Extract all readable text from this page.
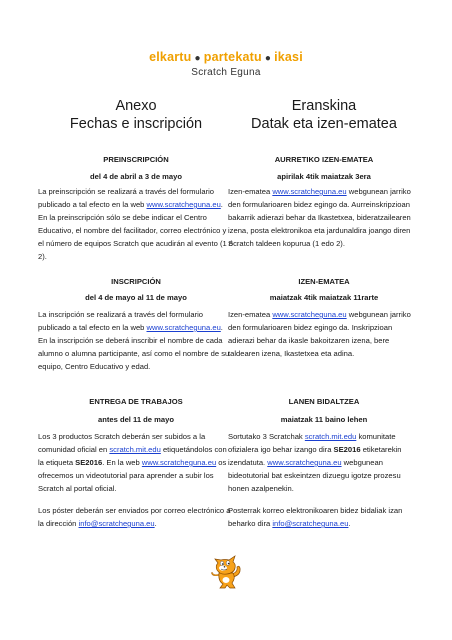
elkartu ● partekatu ● ikasi
Scratch Eguna
Anexo
Fechas e inscripción
PREINSCRIPCIÓN
del 4 de abril a 3 de mayo
La preinscripción se realizará a través del formulario publicado a tal efecto en la web www.scratcheguna.eu. En la preinscripción sólo se debe indicar el Centro Educativo, el nombre del facilitador, correo electrónico y el número de equipos Scratch que acudirán al evento (1 ó 2).
INSCRIPCIÓN
del 4 de mayo al 11 de mayo
La inscripción se realizará a través del formulario publicado a tal efecto en la web www.scratcheguna.eu. En la inscripción se deberá inscribir el nombre de cada alumno o alumna participante, así como el nombre de su equipo, Centro Educativo y edad.
ENTREGA DE TRABAJOS
antes del 11 de mayo
Los 3 productos Scratch deberán ser subidos a la comunidad oficial en scratch.mit.edu etiquetándolos con la etiqueta SE2016. En la web www.scratcheguna.eu os ofrecemos un videotutorial para aprender a subir los Scratch al portal oficial.
Los póster deberán ser enviados por correo electrónico a la dirección info@scratcheguna.eu.
Eranskina
Datak eta izen-ematea
AURRETIKO IZEN-EMATEA
apirilak 4tik maiatzak 3era
Izen-ematea www.scratcheguna.eu webgunean jarriko den formularioaren bidez egingo da. Aurreinskripzioan bakarrik adierazi behar da Ikastetxea, bideratzailearen izena, posta elektronikoa eta jardunaldira joango diren Scratch taldeen kopurua (1 edo 2).
IZEN-EMATEA
maiatzak 4tik maiatzak 11rarte
Izen-ematea www.scratcheguna.eu webgunean jarriko den formularioaren bidez egingo da. Inskripzioan adierazi behar da ikasle bakoitzaren izena, bere taldearen izena, Ikastetxea eta adina.
LANEN BIDALTZEA
maiatzak 11 baino lehen
Sortutako 3 Scratchak scratch.mit.edu komunitate ofizialera igo behar izango dira SE2016 etiketarekin izendatuta. www.scratcheguna.eu webgunean bideotutorial bat eskeintzen dizuegu igotze prozesu honen azalpenekin.
Posterrak korreo elektronikoaren bidez bidaliak izan beharko dira info@scratcheguna.eu.
